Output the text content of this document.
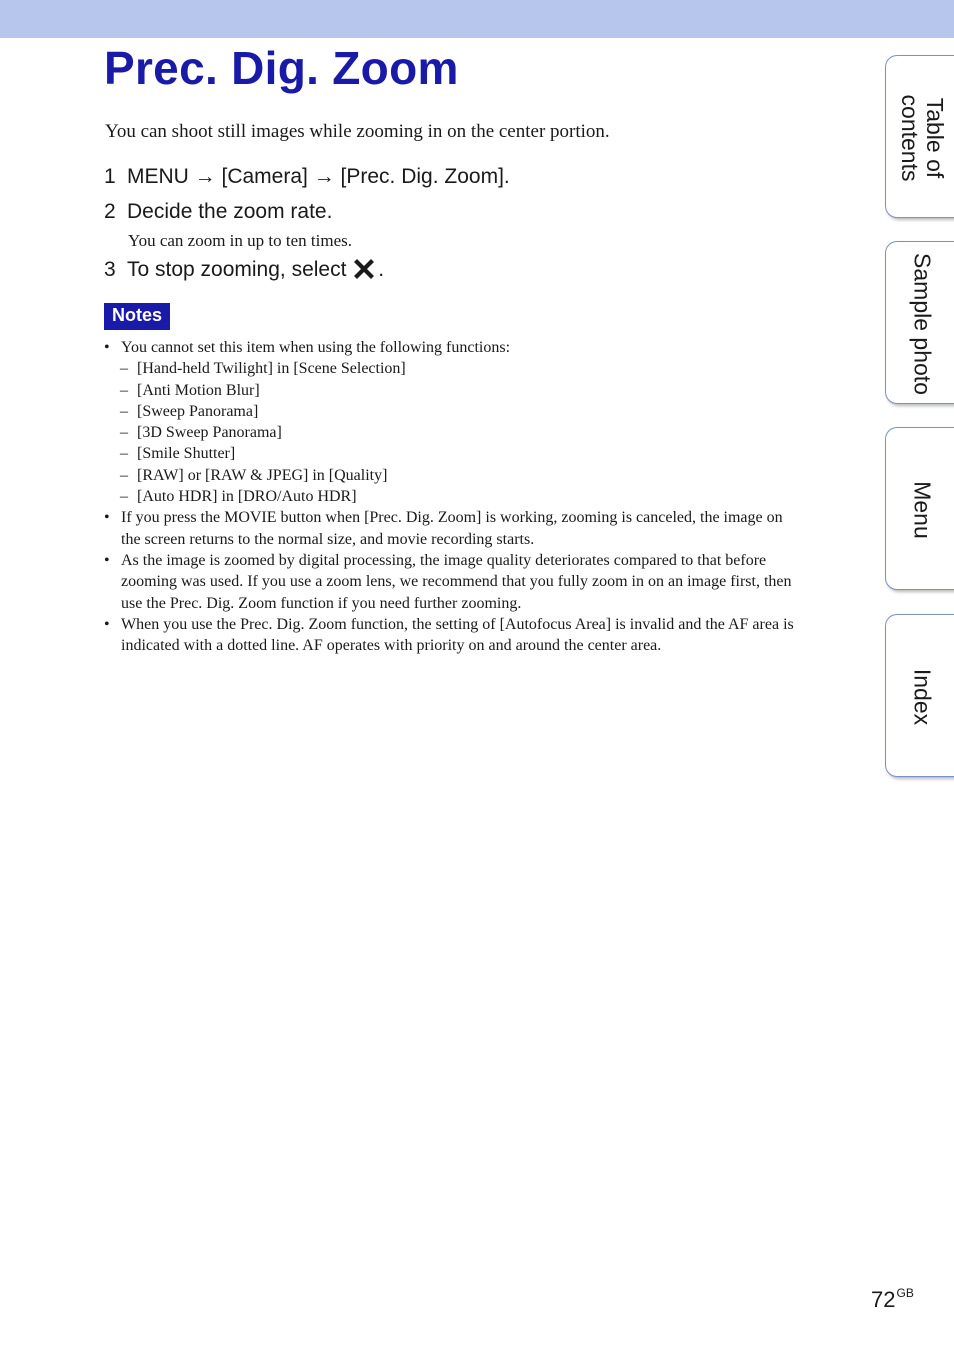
Prec. Dig. Zoom

You can shoot still images while zooming in on the center portion.

1 MENU → [Camera] → [Prec. Dig. Zoom].

2 Decide the zoom rate.

You can zoom in up to ten times.

3 To stop zooming, select .

Notes
• You cannot set this item when using the following functions:
– [Hand-held Twilight] in [Scene Selection]
– [Anti Motion Blur]
– [Sweep Panorama]
– [3D Sweep Panorama]
– [Smile Shutter]
– [RAW] or [RAW & JPEG] in [Quality]
– [Auto HDR] in [DRO/Auto HDR]
• If you press the MOVIE button when [Prec. Dig. Zoom] is working, zooming is canceled, the image on
the screen returns to the normal size, and movie recording starts.
• As the image is zoomed by digital processing, the image quality deteriorates compared to that before
zooming was used. If you use a zoom lens, we recommend that you fully zoom in on an image first, then
use the Prec. Dig. Zoom function if you need further zooming.
• When you use the Prec. Dig. Zoom function, the setting of [Autofocus Area] is invalid and the AF area is
indicated with a dotted line. AF operates with priority on and around the center area.
Table of
contents
Sample photo
Menu
Index
$72^{GB}$
